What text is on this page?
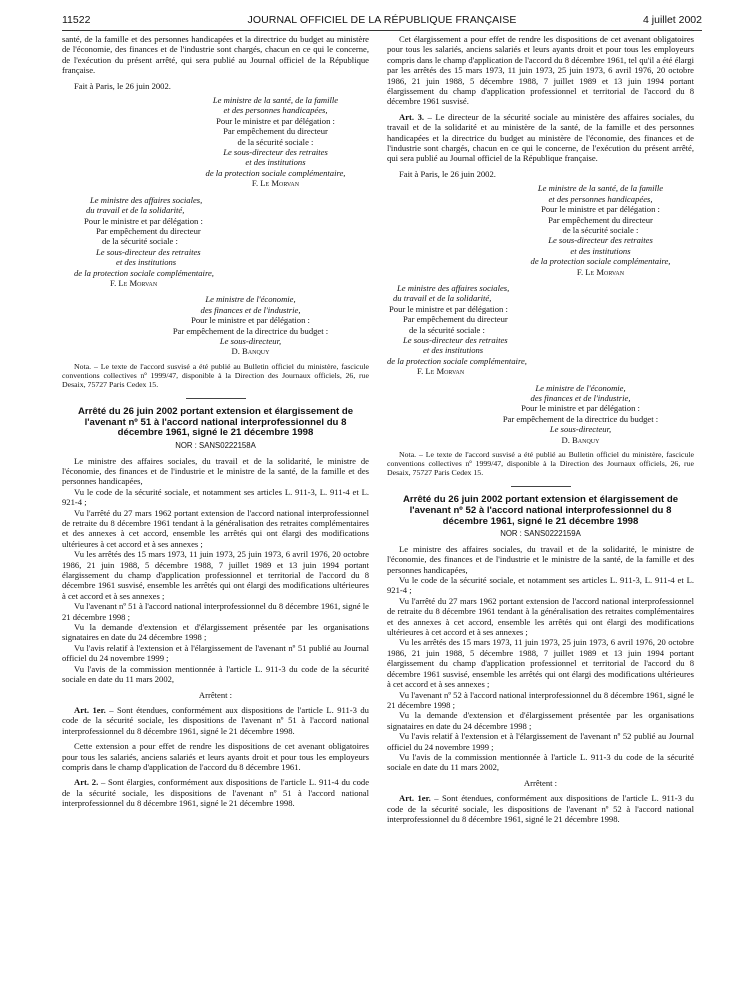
11522	JOURNAL OFFICIEL DE LA RÉPUBLIQUE FRANÇAISE	4 juillet 2002

santé, de la famille et des personnes handicapées et la directrice du budget au ministère de l'économie, des finances et de l'industrie sont chargés, chacun en ce qui le concerne, de l'exécution du présent arrêté, qui sera publié au Journal officiel de la République française.

Fait à Paris, le 26 juin 2002.

Le ministre de la santé, de la famille
et des personnes handicapées,
Pour le ministre et par délégation :
Par empêchement du directeur
de la sécurité sociale :
Le sous-directeur des retraites
et des institutions
de la protection sociale complémentaire,
F. Le Morvan
Le ministre des affaires sociales,
du travail et de la solidarité,
Pour le ministre et par délégation :
Par empêchement du directeur
de la sécurité sociale :
Le sous-directeur des retraites
et des institutions
de la protection sociale complémentaire,
F. Le Morvan
Le ministre de l'économie,
des finances et de l'industrie,
Pour le ministre et par délégation :
Par empêchement de la directrice du budget :
Le sous-directeur,
D. Banquy

Nota. – Le texte de l'accord susvisé a été publié au Bulletin officiel du ministère, fascicule conventions collectives nº 1999/47, disponible à la Direction des Journaux officiels, 26, rue Desaix, 75727 Paris Cedex 15.

Arrêté du 26 juin 2002 portant extension et élargissement de l'avenant nº 51 à l'accord national interprofessionnel du 8 décembre 1961, signé le 21 décembre 1998

NOR : SANS0222158A

Le ministre des affaires sociales, du travail et de la solidarité, le ministre de l'économie, des finances et de l'industrie et le ministre de la santé, de la famille et des personnes handicapées,

Vu le code de la sécurité sociale, et notamment ses articles L. 911-3, L. 911-4 et L. 921-4 ;

Vu l'arrêté du 27 mars 1962 portant extension de l'accord national interprofessionnel de retraite du 8 décembre 1961 tendant à la généralisation des retraites complémentaires et des annexes à cet accord, ensemble les arrêtés qui ont élargi des modifications ultérieures à cet accord et à ses annexes ;

Vu les arrêtés des 15 mars 1973, 11 juin 1973, 25 juin 1973, 6 avril 1976, 20 octobre 1986, 21 juin 1988, 5 décembre 1988, 7 juillet 1989 et 13 juin 1994 portant élargissement du champ d'application professionnel et territorial de l'accord du 8 décembre 1961 susvisé, ensemble les arrêtés qui ont élargi des modifications ultérieures à cet accord et à ses annexes ;

Vu l'avenant nº 51 à l'accord national interprofessionnel du 8 décembre 1961, signé le 21 décembre 1998 ;

Vu la demande d'extension et d'élargissement présentée par les organisations signataires en date du 24 décembre 1998 ;

Vu l'avis relatif à l'extension et à l'élargissement de l'avenant nº 51 publié au Journal officiel du 24 novembre 1999 ;

Vu l'avis de la commission mentionnée à l'article L. 911-3 du code de la sécurité sociale en date du 11 mars 2002,

Arrêtent :

Art. 1er. – Sont étendues, conformément aux dispositions de l'article L. 911-3 du code de la sécurité sociale, les dispositions de l'avenant nº 51 à l'accord national interprofessionnel du 8 décembre 1961, signé le 21 décembre 1998.

Cette extension a pour effet de rendre les dispositions de cet avenant obligatoires pour tous les salariés, anciens salariés et leurs ayants droit et pour tous les employeurs compris dans le champ d'application de l'accord du 8 décembre 1961.

Art. 2. – Sont élargies, conformément aux dispositions de l'article L. 911-4 du code de la sécurité sociale, les dispositions de l'avenant nº 51 à l'accord national interprofessionnel du 8 décembre 1961, signé le 21 décembre 1998.

Cet élargissement a pour effet de rendre les dispositions de cet avenant obligatoires pour tous les salariés, anciens salariés et leurs ayants droit et pour tous les employeurs compris dans le champ d'application de l'accord du 8 décembre 1961, tel qu'il a été élargi par les arrêtés des 15 mars 1973, 11 juin 1973, 25 juin 1973, 6 avril 1976, 20 octobre 1986, 21 juin 1988, 5 décembre 1988, 7 juillet 1989 et 13 juin 1994 portant élargissement du champ d'application professionnel et territorial de l'accord du 8 décembre 1961 susvisé.

Art. 3. – Le directeur de la sécurité sociale au ministère des affaires sociales, du travail et de la solidarité et au ministère de la santé, de la famille et des personnes handicapées et la directrice du budget au ministère de l'économie, des finances et de l'industrie sont chargés, chacun en ce qui le concerne, de l'exécution du présent arrêté, qui sera publié au Journal officiel de la République française.

Fait à Paris, le 26 juin 2002.

Le ministre de la santé, de la famille
et des personnes handicapées,
Pour le ministre et par délégation :
Par empêchement du directeur
de la sécurité sociale :
Le sous-directeur des retraites
et des institutions
de la protection sociale complémentaire,
F. Le Morvan
Le ministre des affaires sociales,
du travail et de la solidarité,
Pour le ministre et par délégation :
Par empêchement du directeur
de la sécurité sociale :
Le sous-directeur des retraites
et des institutions
de la protection sociale complémentaire,
F. Le Morvan
Le ministre de l'économie,
des finances et de l'industrie,
Pour le ministre et par délégation :
Par empêchement de la directrice du budget :
Le sous-directeur,
D. Banquy

Nota. – Le texte de l'accord susvisé a été publié au Bulletin officiel du ministère, fascicule conventions collectives nº 1999/47, disponible à la Direction des Journaux officiels, 26, rue Desaix, 75727 Paris Cedex 15.

Arrêté du 26 juin 2002 portant extension et élargissement de l'avenant nº 52 à l'accord national interprofessionnel du 8 décembre 1961, signé le 21 décembre 1998

NOR : SANS0222159A

Le ministre des affaires sociales, du travail et de la solidarité, le ministre de l'économie, des finances et de l'industrie et le ministre de la santé, de la famille et des personnes handicapées,

Vu le code de la sécurité sociale, et notamment ses articles L. 911-3, L. 911-4 et L. 921-4 ;

Vu l'arrêté du 27 mars 1962 portant extension de l'accord national interprofessionnel de retraite du 8 décembre 1961 tendant à la généralisation des retraites complémentaires et des annexes à cet accord, ensemble les arrêtés qui ont élargi des modifications ultérieures à cet accord et à ses annexes ;

Vu les arrêtés des 15 mars 1973, 11 juin 1973, 25 juin 1973, 6 avril 1976, 20 octobre 1986, 21 juin 1988, 5 décembre 1988, 7 juillet 1989 et 13 juin 1994 portant élargissement du champ d'application professionnel et territorial de l'accord du 8 décembre 1961 susvisé, ensemble les arrêtés qui ont élargi des modifications ultérieures à cet accord et à ses annexes ;

Vu l'avenant nº 52 à l'accord national interprofessionnel du 8 décembre 1961, signé le 21 décembre 1998 ;

Vu la demande d'extension et d'élargissement présentée par les organisations signataires en date du 24 décembre 1998 ;

Vu l'avis relatif à l'extension et à l'élargissement de l'avenant nº 52 publié au Journal officiel du 24 novembre 1999 ;

Vu l'avis de la commission mentionnée à l'article L. 911-3 du code de la sécurité sociale en date du 11 mars 2002,

Arrêtent :

Art. 1er. – Sont étendues, conformément aux dispositions de l'article L. 911-3 du code de la sécurité sociale, les dispositions de l'avenant nº 52 à l'accord national interprofessionnel du 8 décembre 1961, signé le 21 décembre 1998.
